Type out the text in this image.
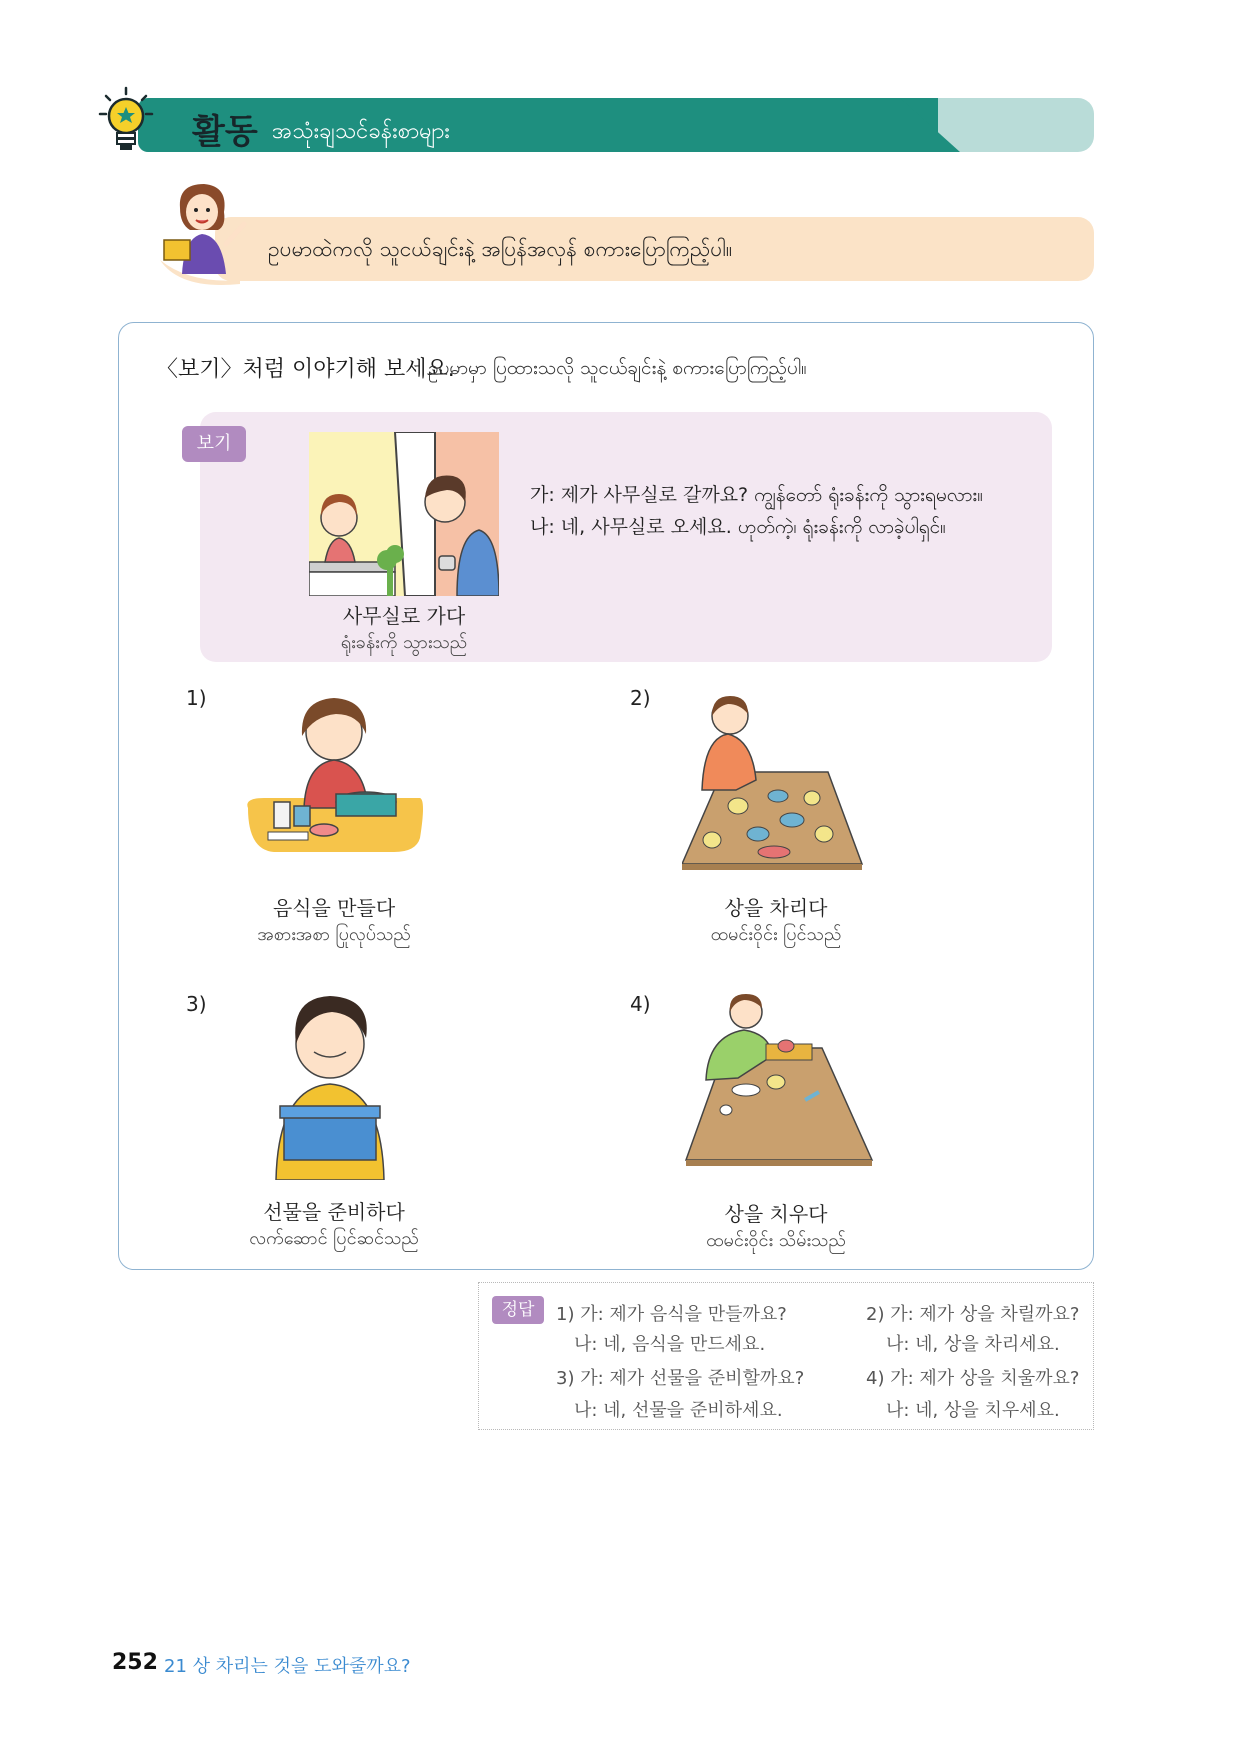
활동 အသုံးချသင်ခန်းစာများ
ဥပမာထဲကလို သူငယ်ချင်းနဲ့ အပြန်အလှန် စကားပြောကြည့်ပါ။
〈보기〉처럼 이야기해 보세요.
ဥပမာမှာ ပြထားသလို သူငယ်ချင်းနဲ့ စကားပြောကြည့်ပါ။
보기
사무실로 가다
ရုံးခန်းကို သွားသည်
가: 제가 사무실로 갈까요? ကျွန်တော် ရုံးခန်းကို သွားရမလား။
나: 네, 사무실로 오세요. ဟုတ်ကဲ့၊ ရုံးခန်းကို လာခဲ့ပါရှင်။
1)
음식을 만들다
အစားအစာ ပြုလုပ်သည်
2)
상을 차리다
ထမင်းဝိုင်း ပြင်သည်
3)
선물을 준비하다
လက်ဆောင် ပြင်ဆင်သည်
4)
상을 치우다
ထမင်းဝိုင်း သိမ်းသည်
정답	1) 가: 제가 음식을 만들까요?
나: 네, 음식을 만드세요.
2) 가: 제가 상을 차릴까요?
나: 네, 상을 차리세요.
3) 가: 제가 선물을 준비할까요?
나: 네, 선물을 준비하세요.
4) 가: 제가 상을 치울까요?
나: 네, 상을 치우세요.
252 21 상 차리는 것을 도와줄까요?
